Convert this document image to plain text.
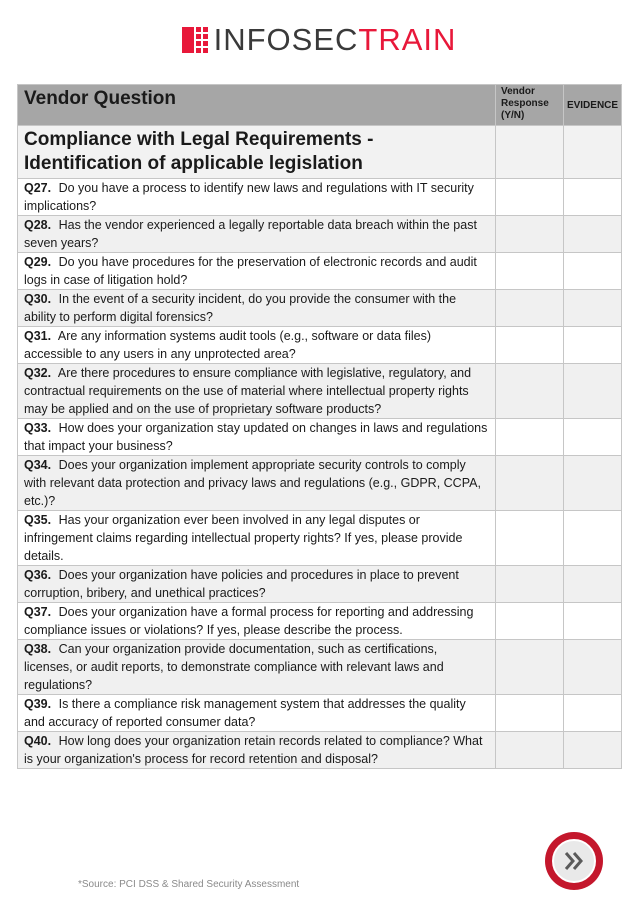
INFOSECTRAIN
Vendor Question	Vendor Response (Y/N)	EVIDENCE
Compliance with Legal Requirements - Identification of applicable legislation		
Q27. Do you have a process to identify new laws and regulations with IT security implications?		
Q28. Has the vendor experienced a legally reportable data breach within the past seven years?		
Q29. Do you have procedures for the preservation of electronic records and audit logs in case of litigation hold?		
Q30. In the event of a security incident, do you provide the consumer with the ability to perform digital forensics?		
Q31. Are any information systems audit tools (e.g., software or data files) accessible to any users in any unprotected area?		
Q32. Are there procedures to ensure compliance with legislative, regulatory, and contractual requirements on the use of material where intellectual property rights may be applied and on the use of proprietary software products?		
Q33. How does your organization stay updated on changes in laws and regulations that impact your business?		
Q34. Does your organization implement appropriate security controls to comply with relevant data protection and privacy laws and regulations (e.g., GDPR, CCPA, etc.)?		
Q35. Has your organization ever been involved in any legal disputes or infringement claims regarding intellectual property rights? If yes, please provide details.		
Q36. Does your organization have policies and procedures in place to prevent corruption, bribery, and unethical practices?		
Q37. Does your organization have a formal process for reporting and addressing compliance issues or violations? If yes, please describe the process.		
Q38. Can your organization provide documentation, such as certifications, licenses, or audit reports, to demonstrate compliance with relevant laws and regulations?		
Q39. Is there a compliance risk management system that addresses the quality and accuracy of reported consumer data?		
Q40. How long does your organization retain records related to compliance? What is your organization's process for record retention and disposal?		
*Source: PCI DSS & Shared Security Assessment
